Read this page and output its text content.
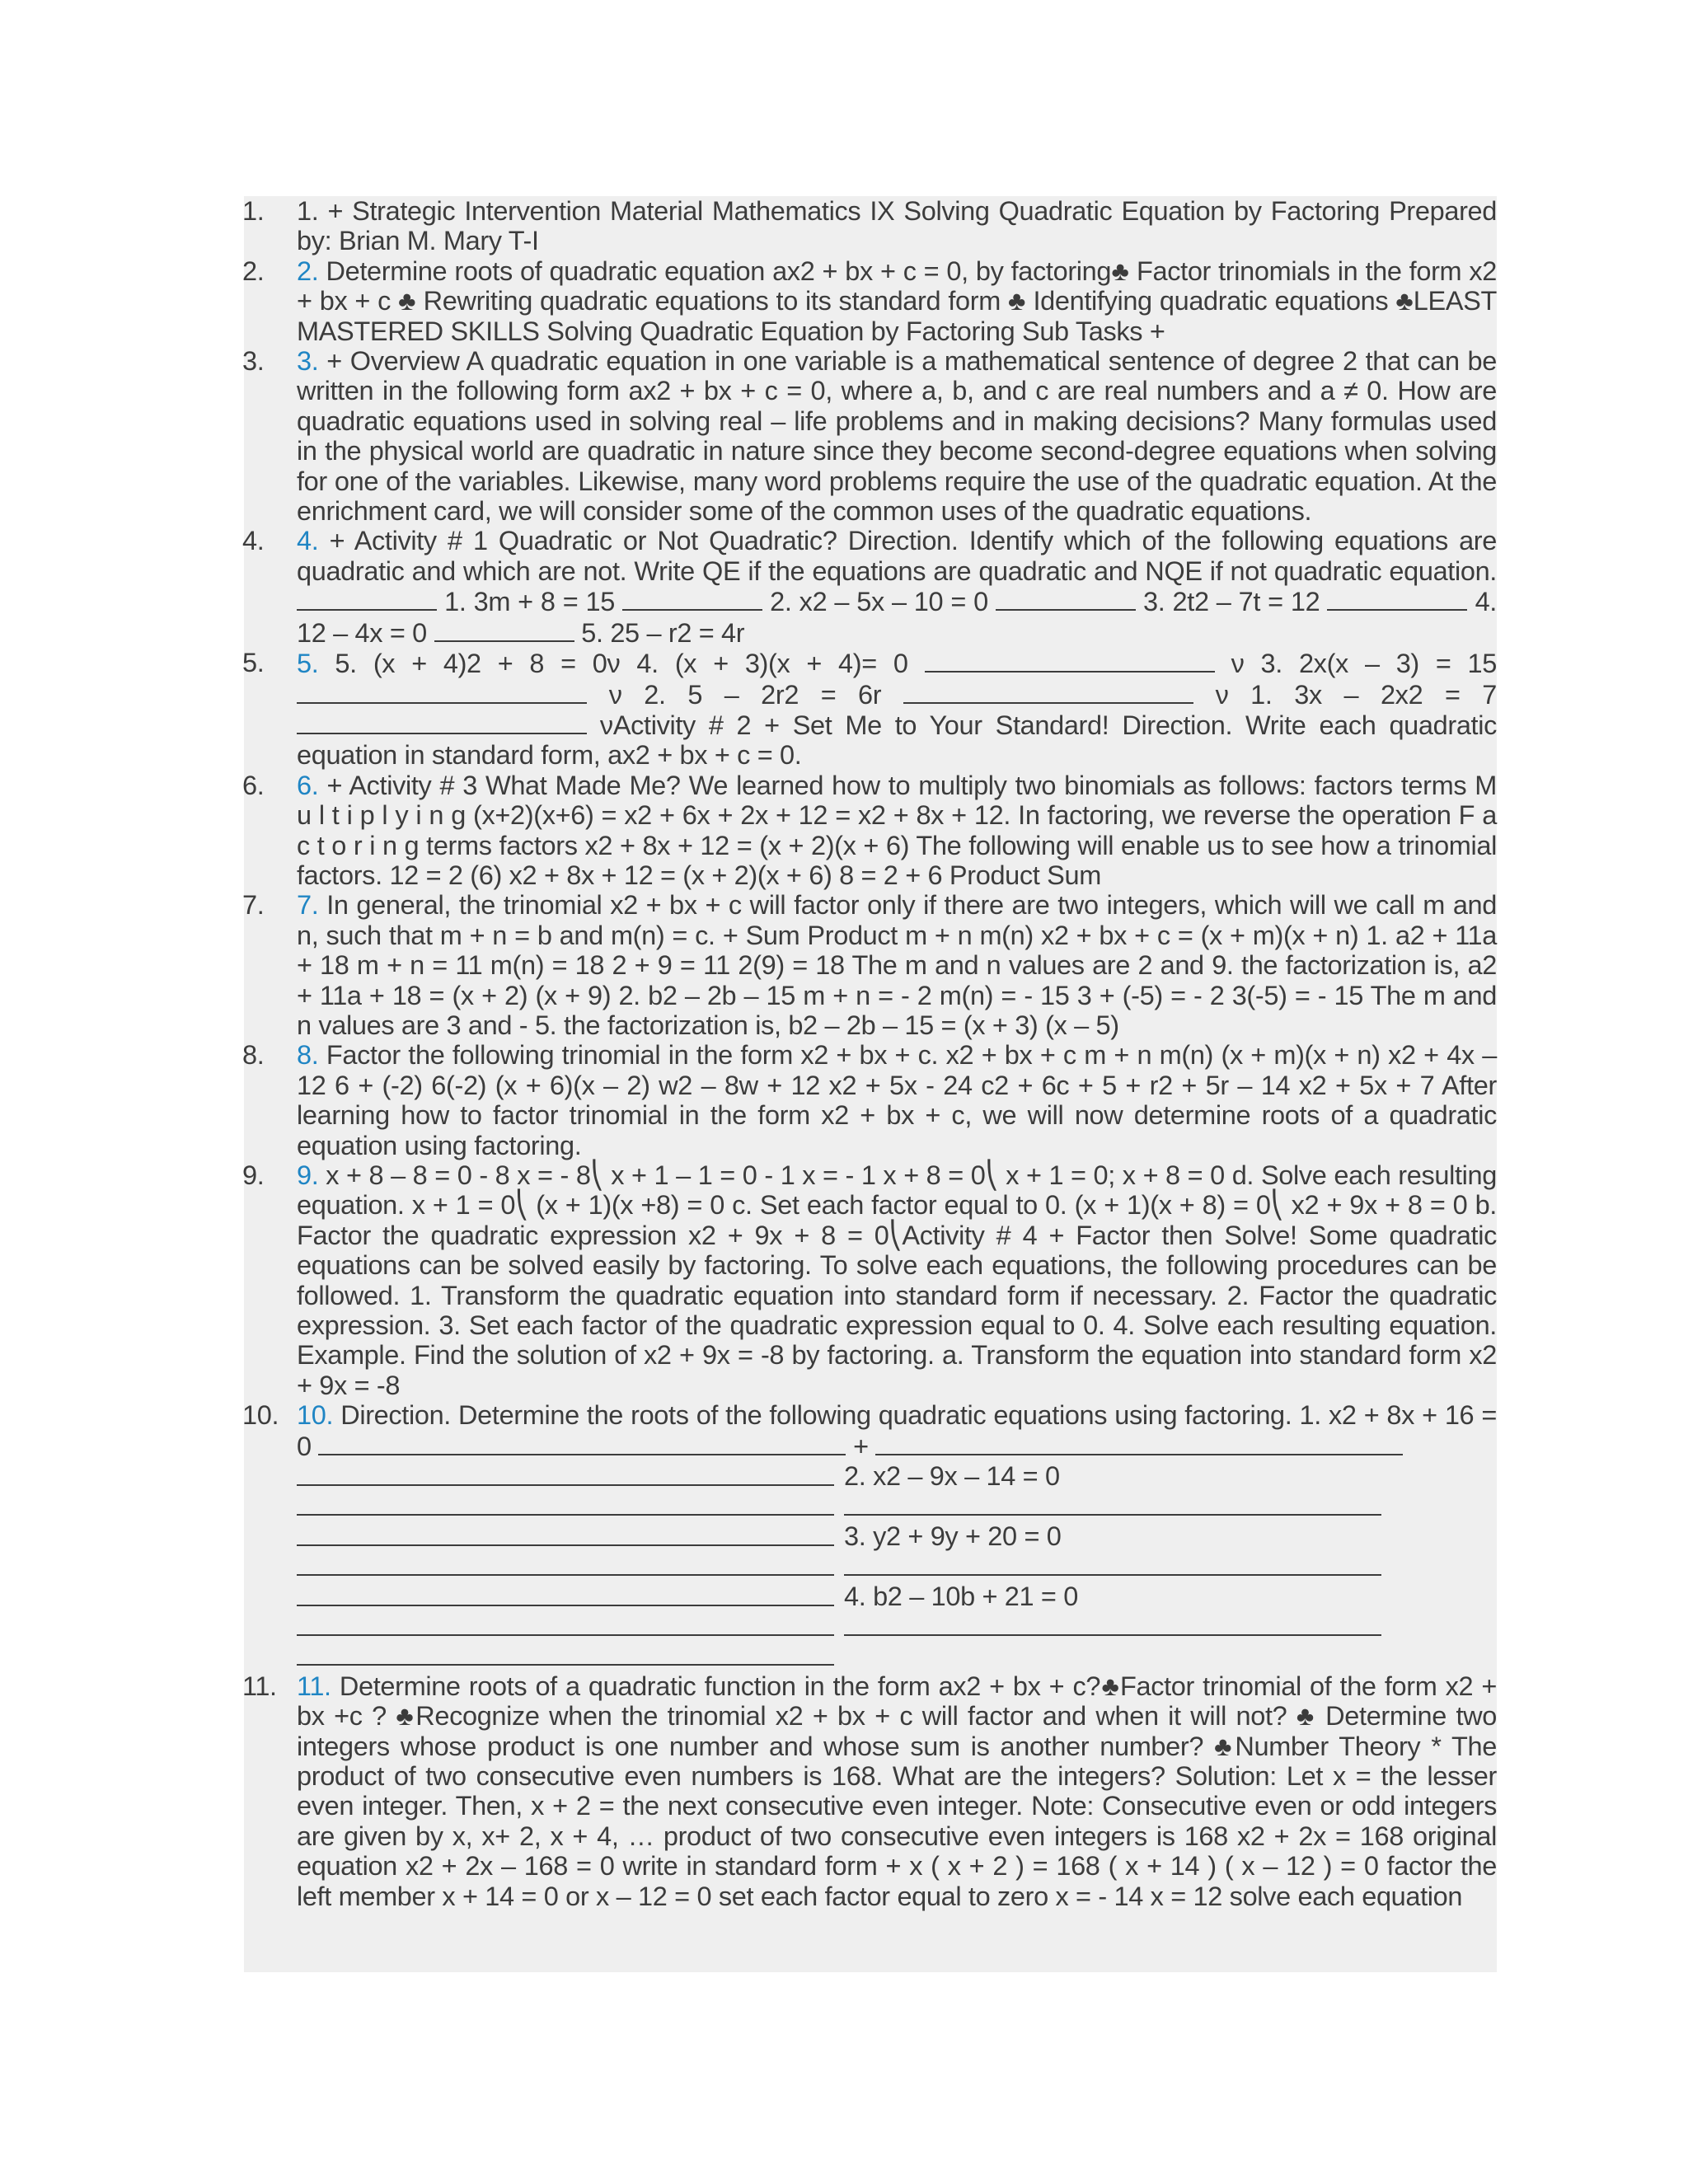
1. 1. + Strategic Intervention Material Mathematics IX Solving Quadratic Equation by Factoring Prepared by: Brian M. Mary T-I
2. 2. Determine roots of quadratic equation ax2 + bx + c = 0, by factoring♣ Factor trinomials in the form x2 + bx + c ♣ Rewriting quadratic equations to its standard form ♣ Identifying quadratic equations ♣LEAST MASTERED SKILLS Solving Quadratic Equation by Factoring Sub Tasks +
3. 3. + Overview A quadratic equation in one variable is a mathematical sentence of degree 2 that can be written in the following form ax2 + bx + c = 0, where a, b, and c are real numbers and a ≠ 0. How are quadratic equations used in solving real – life problems and in making decisions? Many formulas used in the physical world are quadratic in nature since they become second-degree equations when solving for one of the variables. Likewise, many word problems require the use of the quadratic equation. At the enrichment card, we will consider some of the common uses of the quadratic equations.
4. 4. + Activity # 1 Quadratic or Not Quadratic? Direction. Identify which of the following equations are quadratic and which are not. Write QE if the equations are quadratic and NQE if not quadratic equation.  1. 3m + 8 = 15	2. x2 – 5x – 10 = 0	3. 2t2 – 7t = 12	4. 12 – 4x = 0	5. 25 – r2 = 4r
5. 5. 5. (x + 4)2 + 8 = 0ν 4. (x + 3)(x + 4)= 0	ν 3. 2x(x – 3) = 15  ν 2. 5 – 2r2 = 6r	ν 1. 3x – 2x2 = 7  νActivity # 2 + Set Me to Your Standard! Direction. Write each quadratic equation in standard form, ax2 + bx + c = 0.
6. 6. + Activity # 3 What Made Me? We learned how to multiply two binomials as follows: factors terms M u l t i p l y i n g (x+2)(x+6) = x2 + 6x + 2x + 12 = x2 + 8x + 12. In factoring, we reverse the operation F a c t o r i n g terms factors x2 + 8x + 12 = (x + 2)(x + 6) The following will enable us to see how a trinomial factors. 12 = 2 (6) x2 + 8x + 12 = (x + 2)(x + 6) 8 = 2 + 6 Product Sum
7. 7. In general, the trinomial x2 + bx + c will factor only if there are two integers, which will we call m and n, such that m + n = b and m(n) = c. + Sum Product m + n m(n) x2 + bx + c = (x + m)(x + n) 1. a2 + 11a + 18 m + n = 11 m(n) = 18 2 + 9 = 11 2(9) = 18 The m and n values are 2 and 9. the factorization is, a2 + 11a + 18 = (x + 2) (x + 9) 2. b2 – 2b – 15 m + n = - 2 m(n) = - 15 3 + (-5) = - 2 3(-5) = - 15 The m and n values are 3 and - 5. the factorization is, b2 – 2b – 15 = (x + 3) (x – 5)
8. 8. Factor the following trinomial in the form x2 + bx + c. x2 + bx + c m + n m(n) (x + m)(x + n) x2 + 4x – 12 6 + (-2) 6(-2) (x + 6)(x – 2) w2 – 8w + 12 x2 + 5x - 24 c2 + 6c + 5 + r2 + 5r – 14 x2 + 5x + 7 After learning how to factor trinomial in the form x2 + bx + c, we will now determine roots of a quadratic equation using factoring.
9. 9. x + 8 – 8 = 0 - 8 x = - 8⎝ x + 1 – 1 = 0 - 1 x = - 1 x + 8 = 0⎝ x + 1 = 0; x + 8 = 0 d. Solve each resulting equation. x + 1 = 0⎝ (x + 1)(x +8) = 0 c. Set each factor equal to 0. (x + 1)(x + 8) = 0⎝ x2 + 9x + 8 = 0 b. Factor the quadratic expression x2 + 9x + 8 = 0⎝Activity # 4 + Factor then Solve! Some quadratic equations can be solved easily by factoring. To solve each equations, the following procedures can be followed. 1. Transform the quadratic equation into standard form if necessary. 2. Factor the quadratic expression. 3. Set each factor of the quadratic expression equal to 0. 4. Solve each resulting equation. Example. Find the solution of x2 + 9x = -8 by factoring. a. Transform the equation into standard form x2 + 9x = -8
10. 10. Direction. Determine the roots of the following quadratic equations using factoring. 1. x2 + 8x + 16 = 0	+
2. x2 – 9x – 14 = 0
3. y2 + 9y + 20 = 0
4. b2 – 10b + 21 = 0
11. 11. Determine roots of a quadratic function in the form ax2 + bx + c?♣Factor trinomial of the form x2 + bx +c ? ♣Recognize when the trinomial x2 + bx + c will factor and when it will not? ♣ Determine two integers whose product is one number and whose sum is another number? ♣Number Theory * The product of two consecutive even numbers is 168. What are the integers? Solution: Let x = the lesser even integer. Then, x + 2 = the next consecutive even integer. Note: Consecutive even or odd integers are given by x, x+ 2, x + 4, … product of two consecutive even integers is 168 x2 + 2x = 168 original equation x2 + 2x – 168 = 0 write in standard form + x ( x + 2 ) = 168 ( x + 14 ) ( x – 12 ) = 0 factor the left member x + 14 = 0 or x – 12 = 0 set each factor equal to zero x = - 14 x = 12 solve each equation
